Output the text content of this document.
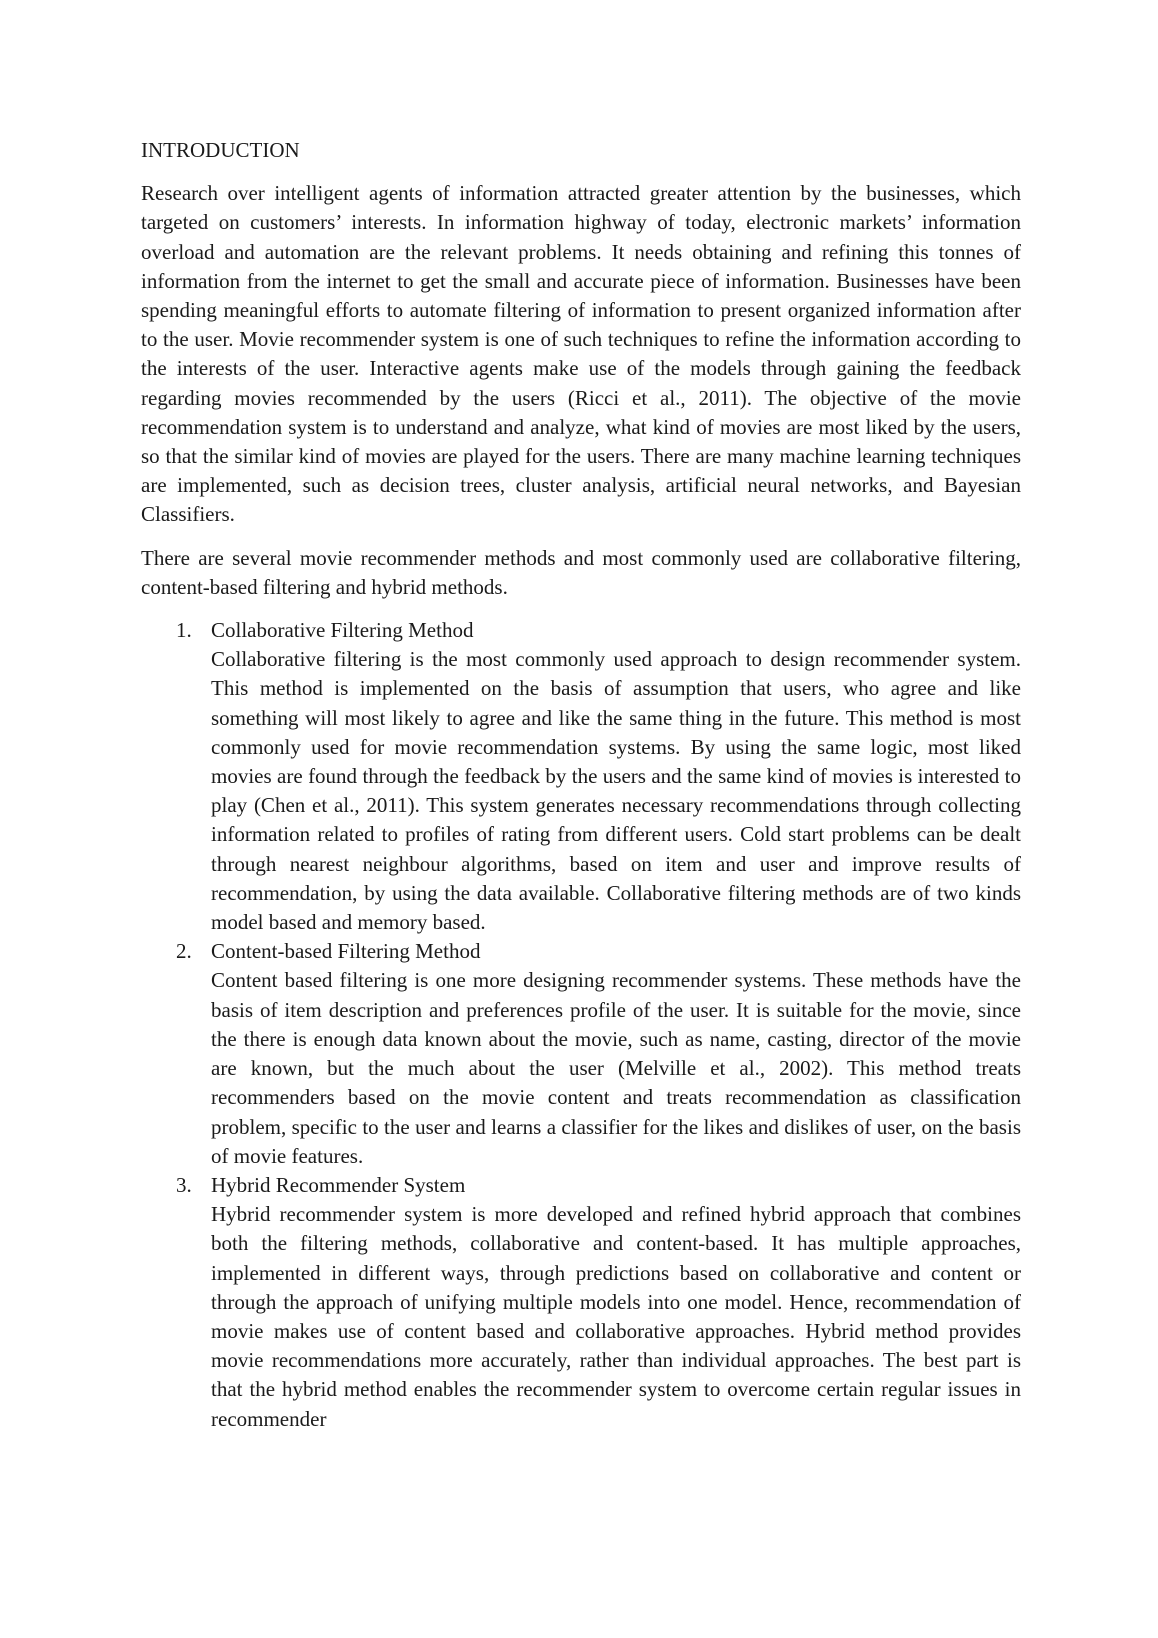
INTRODUCTION

Research over intelligent agents of information attracted greater attention by the businesses, which targeted on customers’ interests. In information highway of today, electronic markets’ information overload and automation are the relevant problems. It needs obtaining and refining this tonnes of information from the internet to get the small and accurate piece of information. Businesses have been spending meaningful efforts to automate filtering of information to present organized information after to the user. Movie recommender system is one of such techniques to refine the information according to the interests of the user. Interactive agents make use of the models through gaining the feedback regarding movies recommended by the users (Ricci et al., 2011). The objective of the movie recommendation system is to understand and analyze, what kind of movies are most liked by the users, so that the similar kind of movies are played for the users. There are many machine learning techniques are implemented, such as decision trees, cluster analysis, artificial neural networks, and Bayesian Classifiers.

There are several movie recommender methods and most commonly used are collaborative filtering, content-based filtering and hybrid methods.

1. Collaborative Filtering Method
Collaborative filtering is the most commonly used approach to design recommender system. This method is implemented on the basis of assumption that users, who agree and like something will most likely to agree and like the same thing in the future. This method is most commonly used for movie recommendation systems. By using the same logic, most liked movies are found through the feedback by the users and the same kind of movies is interested to play (Chen et al., 2011). This system generates necessary recommendations through collecting information related to profiles of rating from different users. Cold start problems can be dealt through nearest neighbour algorithms, based on item and user and improve results of recommendation, by using the data available. Collaborative filtering methods are of two kinds model based and memory based.
2. Content-based Filtering Method
Content based filtering is one more designing recommender systems. These methods have the basis of item description and preferences profile of the user. It is suitable for the movie, since the there is enough data known about the movie, such as name, casting, director of the movie are known, but the much about the user (Melville et al., 2002). This method treats recommenders based on the movie content and treats recommendation as classification problem, specific to the user and learns a classifier for the likes and dislikes of user, on the basis of movie features.
3. Hybrid Recommender System
Hybrid recommender system is more developed and refined hybrid approach that combines both the filtering methods, collaborative and content-based. It has multiple approaches, implemented in different ways, through predictions based on collaborative and content or through the approach of unifying multiple models into one model. Hence, recommendation of movie makes use of content based and collaborative approaches. Hybrid method provides movie recommendations more accurately, rather than individual approaches. The best part is that the hybrid method enables the recommender system to overcome certain regular issues in recommender
